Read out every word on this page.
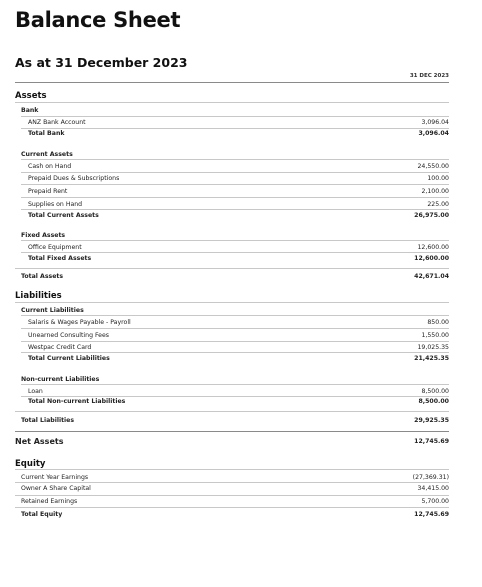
Balance Sheet
As at 31 December 2023
31 DEC 2023
Assets
Bank
ANZ Bank Account	3,096.04
Total Bank	3,096.04
Current Assets
Cash on Hand	24,550.00
Prepaid Dues & Subscriptions	100.00
Prepaid Rent	2,100.00
Supplies on Hand	225.00
Total Current Assets	26,975.00
Fixed Assets
Office Equipment	12,600.00
Total Fixed Assets	12,600.00
Total Assets	42,671.04
Liabilities
Current Liabilities
Salaris & Wages Payable - Payroll	850.00
Unearned Consulting Fees	1,550.00
Westpac Credit Card	19,025.35
Total Current Liabilities	21,425.35
Non-current Liabilities
Loan	8,500.00
Total Non-current Liabilities	8,500.00
Total Liabilities	29,925.35
Net Assets	12,745.69
Equity
Current Year Earnings	(27,369.31)
Owner A Share Capital	34,415.00
Retained Earnings	5,700.00
Total Equity	12,745.69
